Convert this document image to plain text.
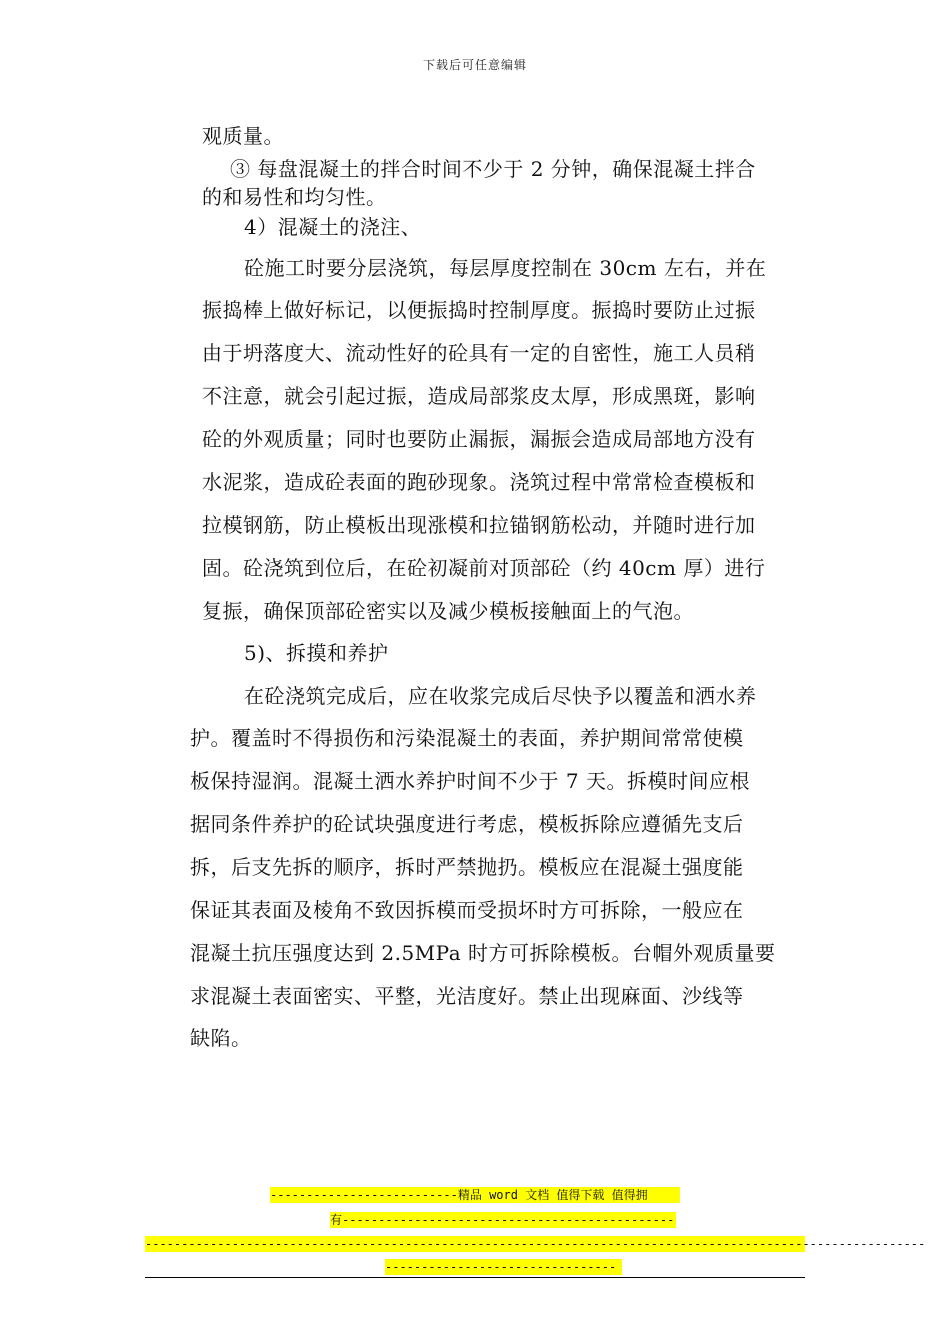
下载后可任意编辑
观质量。
③ 每盘混凝土的拌合时间不少于 2 分钟，确保混凝土拌合
的和易性和均匀性。
4）混凝土的浇注、
砼施工时要分层浇筑，每层厚度控制在 30cm 左右，并在
振捣棒上做好标记，以便振捣时控制厚度。振捣时要防止过振
由于坍落度大、流动性好的砼具有一定的自密性，施工人员稍
不注意，就会引起过振，造成局部浆皮太厚，形成黑斑，影响
砼的外观质量；同时也要防止漏振，漏振会造成局部地方没有
水泥浆，造成砼表面的跑砂现象。浇筑过程中常常检查模板和
拉模钢筋，防止模板出现涨模和拉锚钢筋松动，并随时进行加
固。砼浇筑到位后，在砼初凝前对顶部砼（约 40cm 厚）进行
复振，确保顶部砼密实以及减少模板接触面上的气泡。
5)、拆摸和养护
在砼浇筑完成后，应在收浆完成后尽快予以覆盖和洒水养
护。覆盖时不得损伤和污染混凝土的表面，养护期间常常使模
板保持湿润。混凝土洒水养护时间不少于 7 天。拆模时间应根
据同条件养护的砼试块强度进行考虑，模板拆除应遵循先支后
拆，后支先拆的顺序，拆时严禁抛扔。模板应在混凝土强度能
保证其表面及棱角不致因拆模而受损坏时方可拆除，一般应在
混凝土抗压强度达到 2.5MPa 时方可拆除模板。台帽外观质量要
求混凝土表面密实、平整，光洁度好。禁止出现麻面、沙线等
缺陷。
--------------------------精品 word 文档 值得下载 值得拥
有----------------------------------------------
------------------------------------------------------------------------------------------------------------
--------------------------------
